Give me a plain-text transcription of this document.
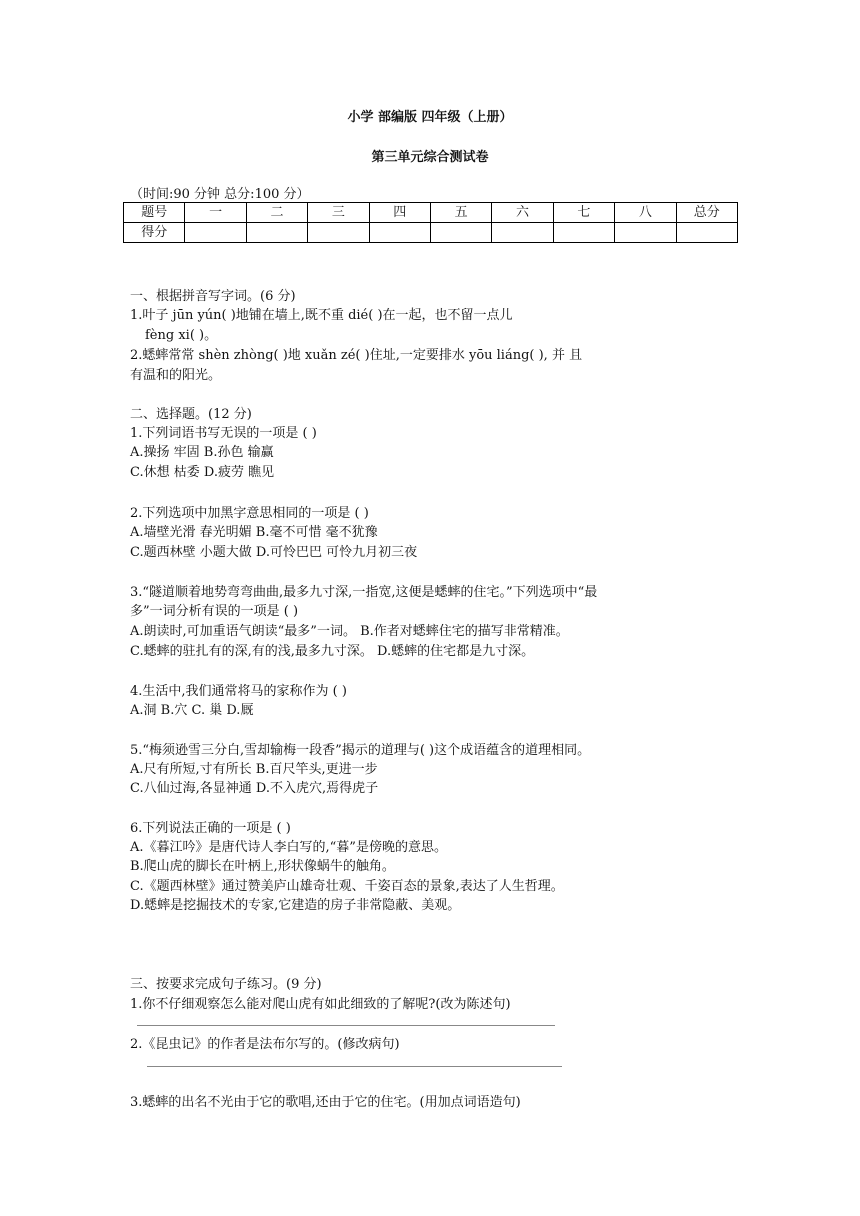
小学 部编版 四年级（上册）
第三单元综合测试卷
（时间:90 分钟 总分:100 分）
题号	一	二	三	四	五	六	七	八	总分
得分									
一、根据拼音写字词。(6 分)
1.叶子 jūn yún( )地铺在墙上,既不重 dié( )在一起，也不留一点儿
fèng xi( )。
2.蟋蟀常常 shèn zhòng( )地 xuǎn zé( )住址,一定要排水 yōu liáng( ), 并 且
有温和的阳光。
二、选择题。(12 分)
1.下列词语书写无误的一项是 ( )
A.操扬 牢固 B.孙色 输赢
C.休想 枯委 D.疲劳 瞧见
2.下列选项中加黑字意思相同的一项是 ( )
A.墙壁光滑 春光明媚 B.毫不可惜 毫不犹豫
C.题西林壁 小题大做 D.可怜巴巴 可怜九月初三夜
3.“隧道顺着地势弯弯曲曲,最多九寸深,一指宽,这便是蟋蟀的住宅。”下列选项中“最
多”一词分析有误的一项是 ( )
A.朗读时,可加重语气朗读“最多”一词。 B.作者对蟋蟀住宅的描写非常精准。
C.蟋蟀的驻扎有的深,有的浅,最多九寸深。 D.蟋蟀的住宅都是九寸深。
4.生活中,我们通常将马的家称作为 ( )
A.洞 B.穴 C. 巢 D.厩
5.“梅须逊雪三分白,雪却输梅一段香”揭示的道理与( )这个成语蕴含的道理相同。
A.尺有所短,寸有所长 B.百尺竿头,更进一步
C.八仙过海,各显神通 D.不入虎穴,焉得虎子
6.下列说法正确的一项是 ( )
A.《暮江吟》是唐代诗人李白写的,“暮”是傍晚的意思。
B.爬山虎的脚长在叶柄上,形状像蜗牛的触角。
C.《题西林壁》通过赞美庐山雄奇壮观、千姿百态的景象,表达了人生哲理。
D.蟋蟀是挖掘技术的专家,它建造的房子非常隐蔽、美观。
三、按要求完成句子练习。(9 分)
1.你不仔细观察怎么能对爬山虎有如此细致的了解呢?(改为陈述句)
2.《昆虫记》的作者是法布尔写的。(修改病句)
3.蟋蟀的出名不光由于它的歌唱,还由于它的住宅。(用加点词语造句)
